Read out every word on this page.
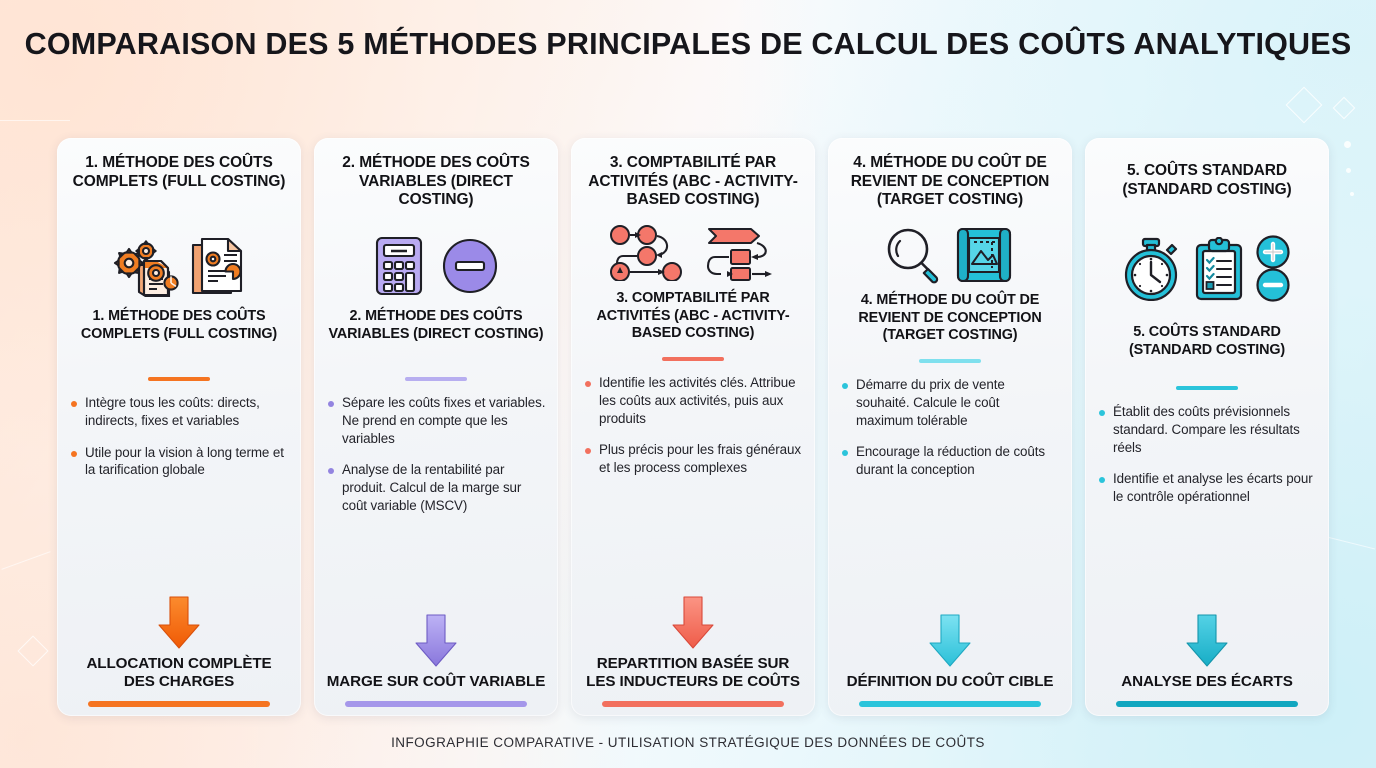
COMPARAISON DES 5 MÉTHODES PRINCIPALES DE CALCUL DES COÛTS ANALYTIQUES
1. MÉTHODE DES COÛTS COMPLETS (FULL COSTING)
1. MÉTHODE DES COÛTS COMPLETS (FULL COSTING)
Intègre tous les coûts: directs, indirects, fixes et variables
Utile pour la vision à long terme et la tarification globale
ALLOCATION COMPLÈTE DES CHARGES
2. MÉTHODE DES COÛTS VARIABLES (DIRECT COSTING)
2. MÉTHODE DES COÛTS VARIABLES (DIRECT COSTING)
Sépare les coûts fixes et variables. Ne prend en compte que les variables
Analyse de la rentabilité par produit. Calcul de la marge sur coût variable (MSCV)
MARGE SUR COÛT VARIABLE
3. COMPTABILITÉ PAR ACTIVITÉS (ABC - ACTIVITY-BASED COSTING)
3. COMPTABILITÉ PAR ACTIVITÉS (ABC - ACTIVITY-BASED COSTING)
Identifie les activités clés. Attribue les coûts aux activités, puis aux produits
Plus précis pour les frais généraux et les process complexes
REPARTITION BASÉE SUR LES INDUCTEURS DE COÛTS
4. MÉTHODE DU COÛT DE REVIENT DE CONCEPTION (TARGET COSTING)
4. MÉTHODE DU COÛT DE REVIENT DE CONCEPTION (TARGET COSTING)
Démarre du prix de vente souhaité. Calcule le coût maximum tolérable
Encourage la réduction de coûts durant la conception
DÉFINITION DU COÛT CIBLE
5. COÛTS STANDARD (STANDARD COSTING)
5. COÛTS STANDARD (STANDARD COSTING)
Établit des coûts prévisionnels standard. Compare les résultats réels
Identifie et analyse les écarts pour le contrôle opérationnel
ANALYSE DES ÉCARTS
INFOGRAPHIE COMPARATIVE - UTILISATION STRATÉGIQUE DES DONNÉES DE COÛTS
